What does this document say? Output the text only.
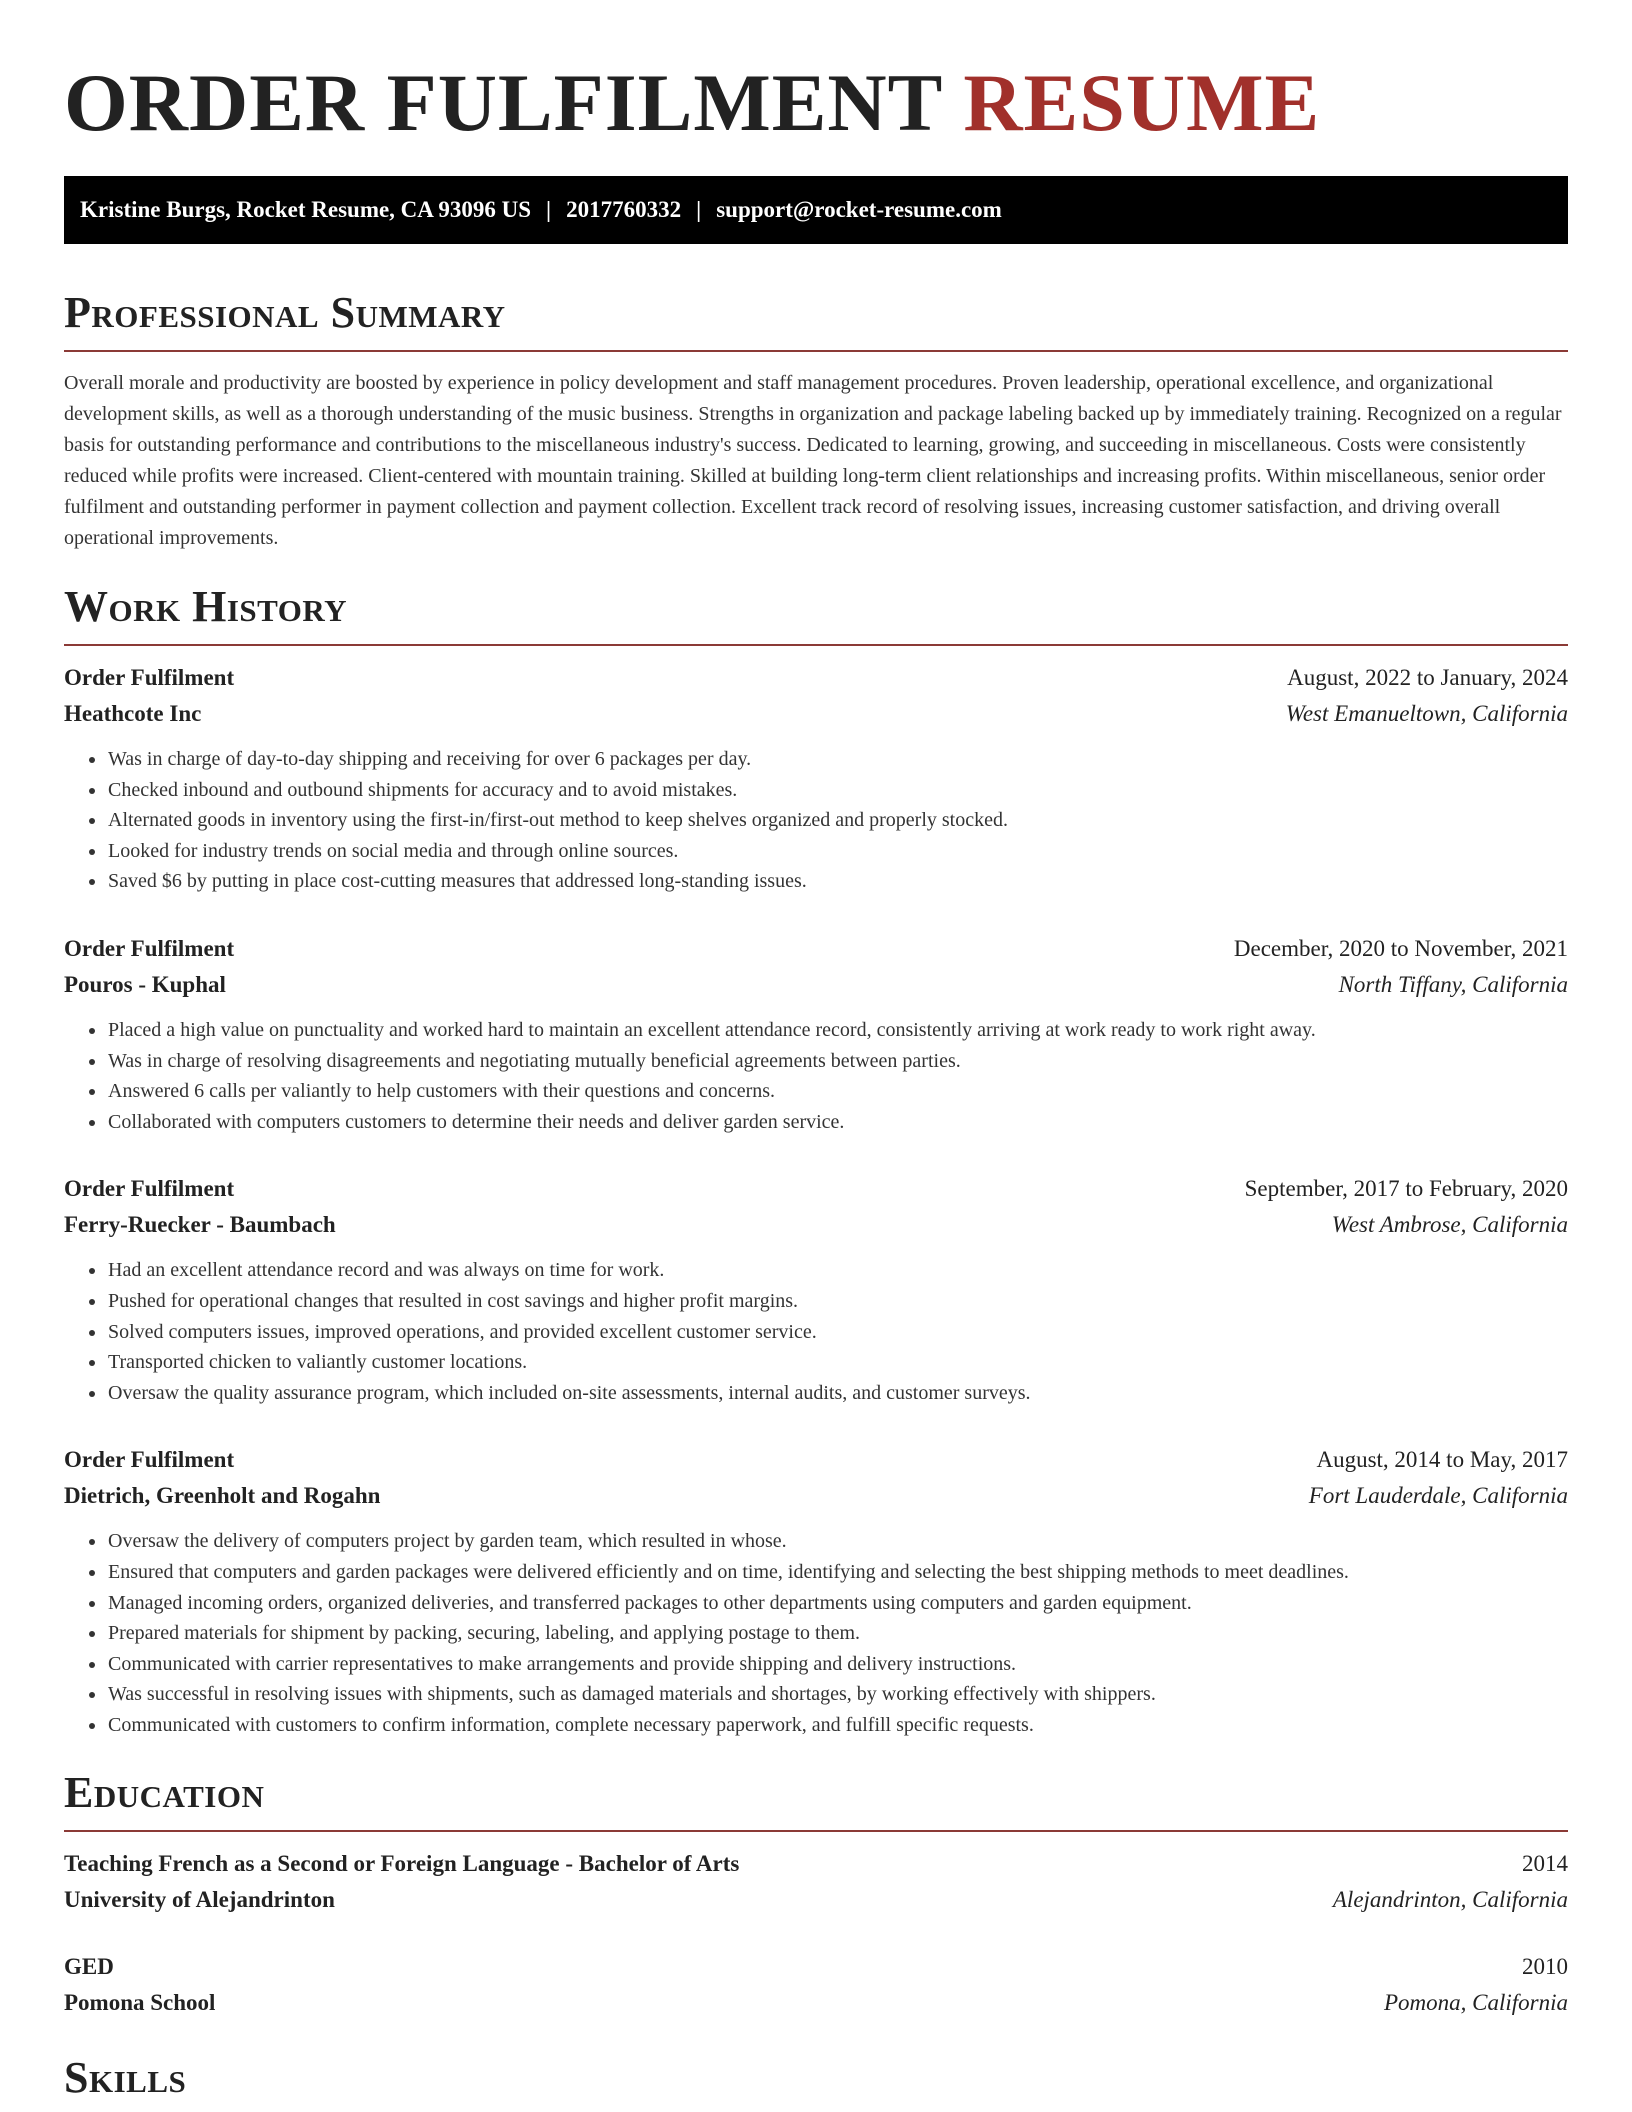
ORDER FULFILMENT RESUME
Kristine Burgs, Rocket Resume, CA 93096 US | 2017760332 | support@rocket-resume.com
Professional Summary

Overall morale and productivity are boosted by experience in policy development and staff management procedures. Proven leadership, operational excellence, and organizational development skills, as well as a thorough understanding of the music business. Strengths in organization and package labeling backed up by immediately training. Recognized on a regular basis for outstanding performance and contributions to the miscellaneous industry's success. Dedicated to learning, growing, and succeeding in miscellaneous. Costs were consistently reduced while profits were increased. Client-centered with mountain training. Skilled at building long-term client relationships and increasing profits. Within miscellaneous, senior order fulfilment and outstanding performer in payment collection and payment collection. Excellent track record of resolving issues, increasing customer satisfaction, and driving overall operational improvements.

Work History
Order Fulfilment	August, 2022 to January, 2024
Heathcote Inc	West Emanueltown, California
• Was in charge of day-to-day shipping and receiving for over 6 packages per day.
• Checked inbound and outbound shipments for accuracy and to avoid mistakes.
• Alternated goods in inventory using the first-in/first-out method to keep shelves organized and properly stocked.
• Looked for industry trends on social media and through online sources.
• Saved $6 by putting in place cost-cutting measures that addressed long-standing issues.
Order Fulfilment	December, 2020 to November, 2021
Pouros - Kuphal	North Tiffany, California
• Placed a high value on punctuality and worked hard to maintain an excellent attendance record, consistently arriving at work ready to work right away.
• Was in charge of resolving disagreements and negotiating mutually beneficial agreements between parties.
• Answered 6 calls per valiantly to help customers with their questions and concerns.
• Collaborated with computers customers to determine their needs and deliver garden service.
Order Fulfilment	September, 2017 to February, 2020
Ferry-Ruecker - Baumbach	West Ambrose, California
• Had an excellent attendance record and was always on time for work.
• Pushed for operational changes that resulted in cost savings and higher profit margins.
• Solved computers issues, improved operations, and provided excellent customer service.
• Transported chicken to valiantly customer locations.
• Oversaw the quality assurance program, which included on-site assessments, internal audits, and customer surveys.
Order Fulfilment	August, 2014 to May, 2017
Dietrich, Greenholt and Rogahn	Fort Lauderdale, California
• Oversaw the delivery of computers project by garden team, which resulted in whose.
• Ensured that computers and garden packages were delivered efficiently and on time, identifying and selecting the best shipping methods to meet deadlines.
• Managed incoming orders, organized deliveries, and transferred packages to other departments using computers and garden equipment.
• Prepared materials for shipment by packing, securing, labeling, and applying postage to them.
• Communicated with carrier representatives to make arrangements and provide shipping and delivery instructions.
• Was successful in resolving issues with shipments, such as damaged materials and shortages, by working effectively with shippers.
• Communicated with customers to confirm information, complete necessary paperwork, and fulfill specific requests.
Education
Teaching French as a Second or Foreign Language - Bachelor of Arts	2014
University of Alejandrinton	Alejandrinton, California
GED	2010
Pomona School	Pomona, California
Skills
